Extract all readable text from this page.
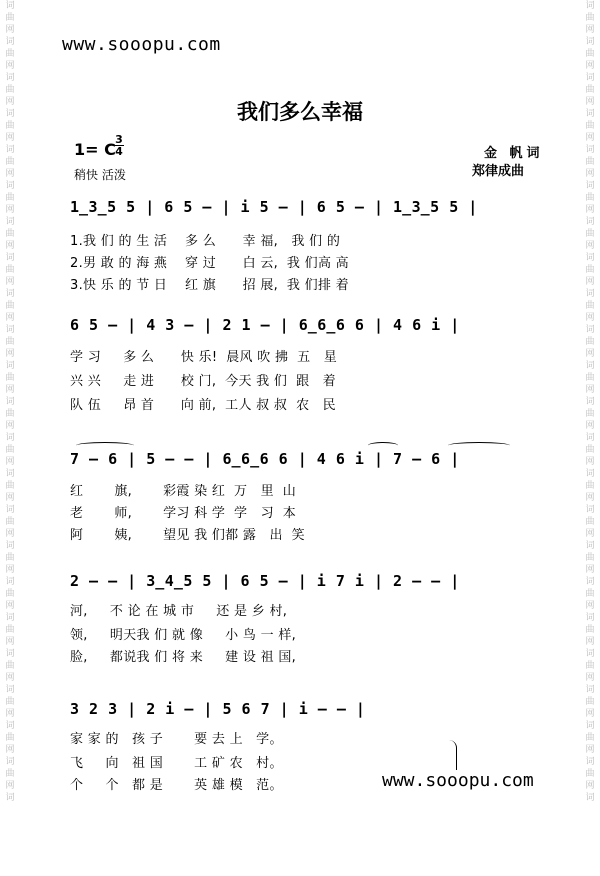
词
曲
网
词
曲
网
词
曲
网
词
曲
网
词
曲
网
词
曲
网
词
曲
网
词
曲
网
词
曲
网
词
曲
网
词
曲
网
词
曲
网
词
曲
网
词
曲
网
词
曲
网
词
曲
网
词
曲
网
词
曲
网
词
曲
网
词
曲
网
词
曲
网
词
曲
网
词
词
曲
网
词
曲
网
词
曲
网
词
曲
网
词
曲
网
词
曲
网
词
曲
网
词
曲
网
词
曲
网
词
曲
网
词
曲
网
词
曲
网
词
曲
网
词
曲
网
词
曲
网
词
曲
网
词
曲
网
词
曲
网
词
曲
网
词
曲
网
词
曲
网
词
曲
网
词
www.sooopu.com
我们多么幸福
1= C
3
4
稍快 活泼
金 帆词
郑律成曲
1̲3̲5 5 | 6 5 — | i 5 — | 6 5 — | 1̲3̲5 5 |
1.我 们 的 生 活    多 么      幸 福,   我 们 的
2.男 敢 的 海 燕    穿 过      白 云,  我 们高 高
3.快 乐 的 节 日    红 旗      招 展,  我 们排 着
6 5 — | 4 3 — | 2 1 — | 6̲6̲6 6 | 4 6 i |
学 习     多 么      快 乐!  晨风 吹 拂  五   星
兴 兴     走 进      校 门,  今天 我 们  跟   着
队 伍     昂 首      向 前,  工人 叔 叔  农   民
7 — 6 | 5 — — | 6̲6̲6 6 | 4 6 i | 7 — 6 |
红       旗,       彩霞 染 红  万   里  山
老       师,       学习 科 学  学   习  本
阿       姨,       望见 我 们都 露   出  笑
2 — — | 3̲4̲5 5 | 6 5 — | i 7 i | 2 — — |
河,     不 论 在 城 市     还 是 乡 村,
领,     明天我 们 就 像     小 鸟 一 样,
脸,     都说我 们 将 来     建 设 祖 国,
3 2 3 | 2 i — | 5 6 7 | i — — |
家 家 的   孩 子       要 去 上   学。
飞     向   祖 国       工 矿 农   村。
个     个   都 是       英 雄 模   范。	www.sooopu.com
